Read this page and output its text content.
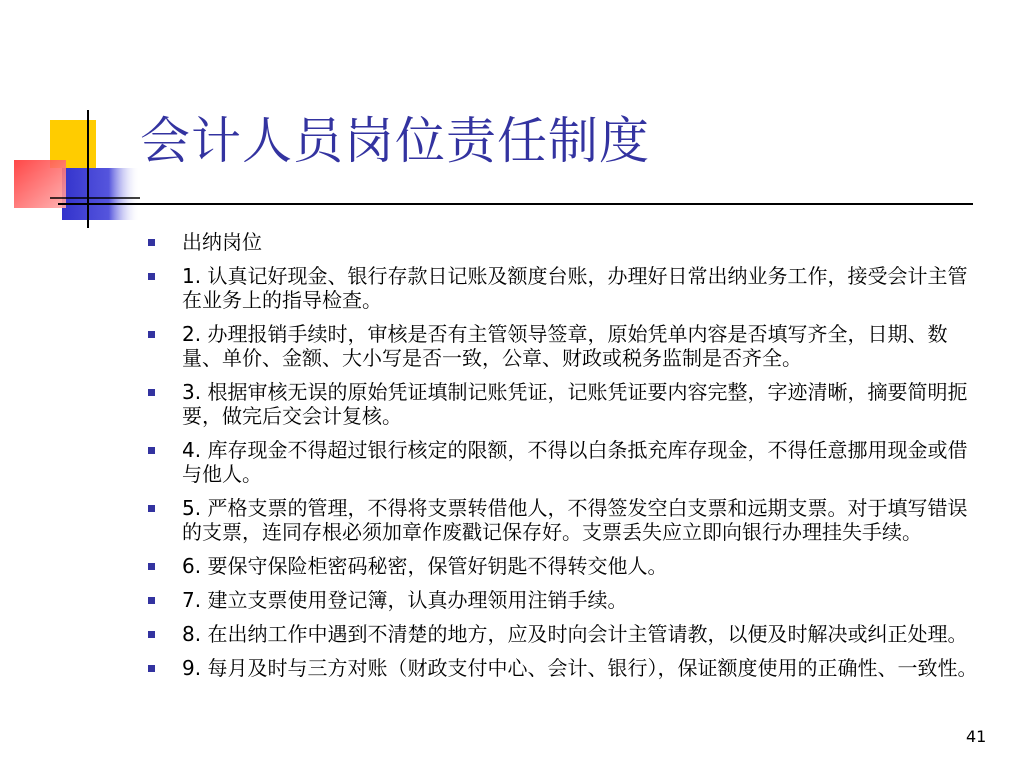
会计人员岗位责任制度
出纳岗位
1. 认真记好现金、银行存款日记账及额度台账，办理好日常出纳业务工作，接受会计主管在业务上的指导检查。
2. 办理报销手续时，审核是否有主管领导签章，原始凭单内容是否填写齐全，日期、数量、单价、金额、大小写是否一致，公章、财政或税务监制是否齐全。
3. 根据审核无误的原始凭证填制记账凭证，记账凭证要内容完整，字迹清晰，摘要简明扼要，做完后交会计复核。
4. 库存现金不得超过银行核定的限额，不得以白条抵充库存现金，不得任意挪用现金或借与他人。
5. 严格支票的管理，不得将支票转借他人，不得签发空白支票和远期支票。对于填写错误的支票，连同存根必须加章作废戳记保存好。支票丢失应立即向银行办理挂失手续。
6. 要保守保险柜密码秘密，保管好钥匙不得转交他人。
7. 建立支票使用登记簿，认真办理领用注销手续。
8. 在出纳工作中遇到不清楚的地方，应及时向会计主管请教，以便及时解决或纠正处理。
9. 每月及时与三方对账（财政支付中心、会计、银行），保证额度使用的正确性、一致性。
41
